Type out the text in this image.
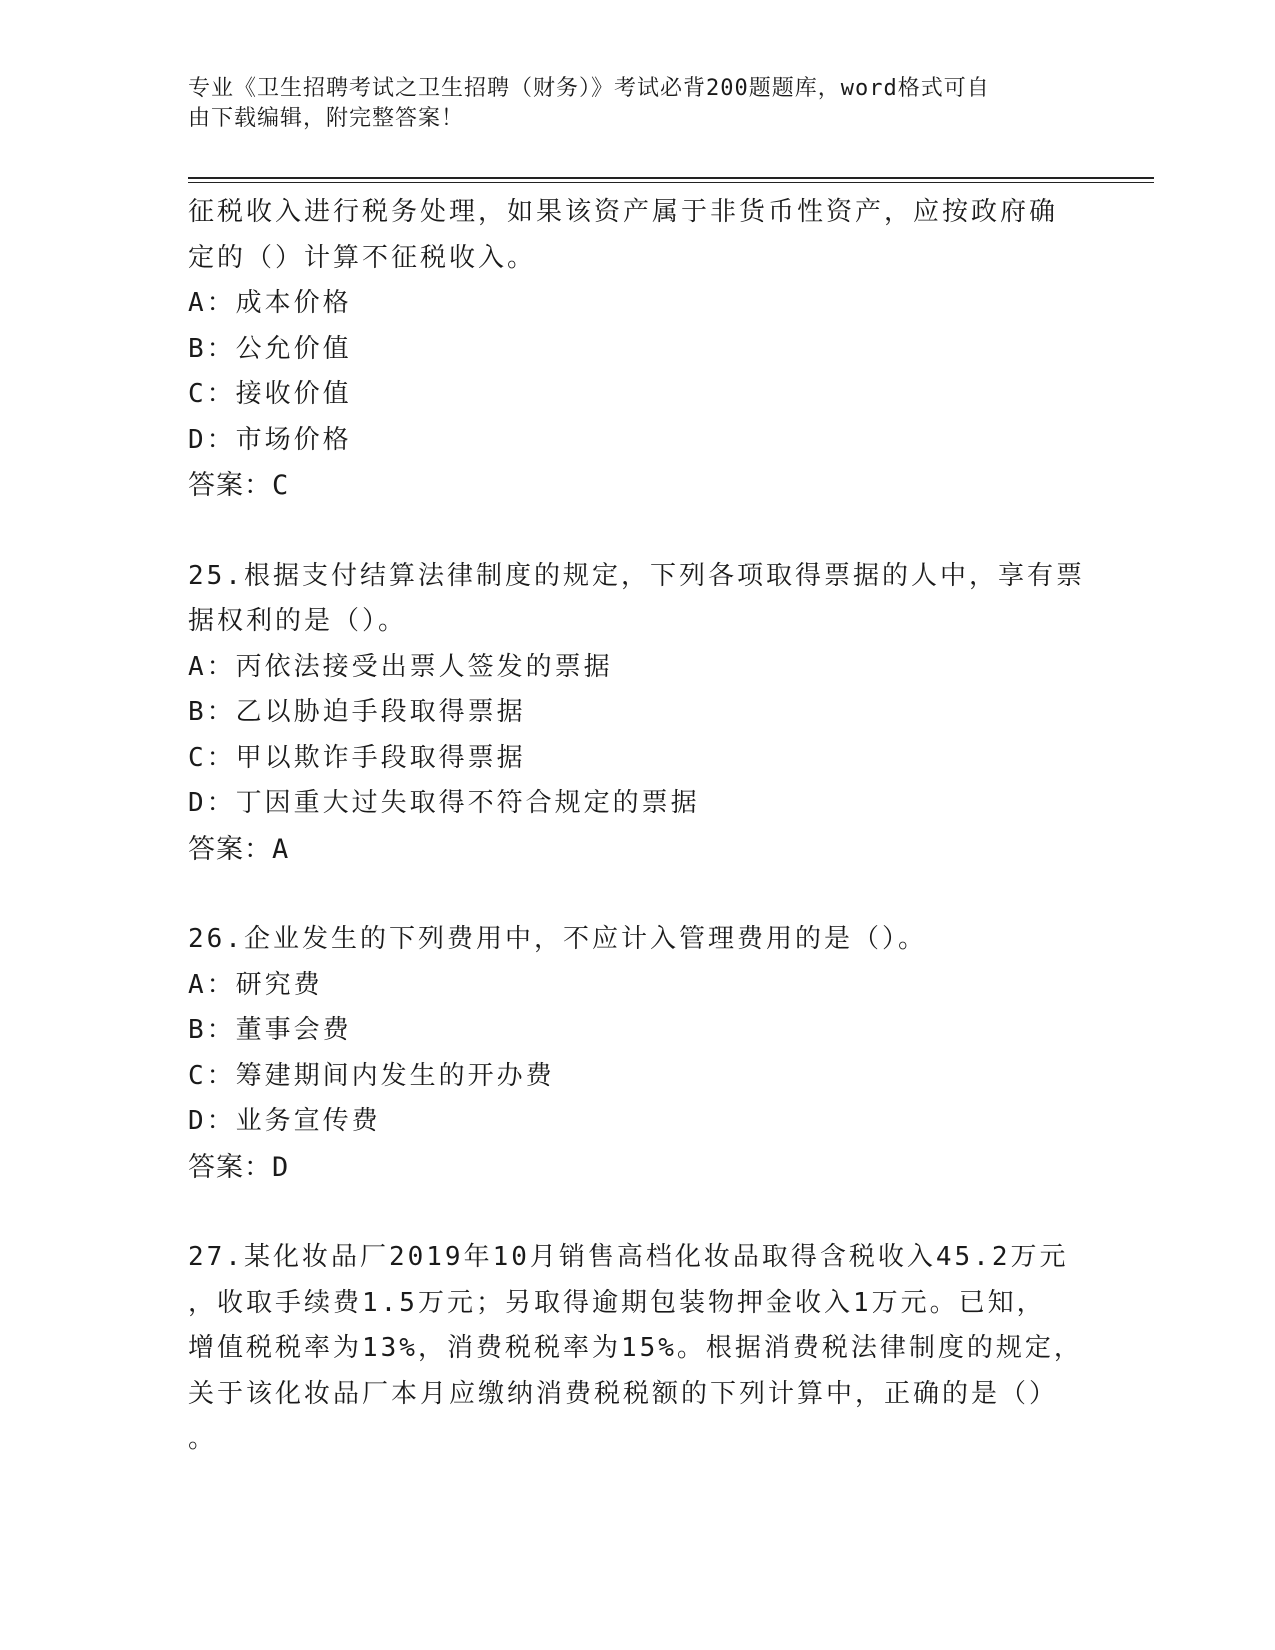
专业《卫生招聘考试之卫生招聘（财务）》考试必背200题题库，word格式可自
由下载编辑，附完整答案！
征税收入进行税务处理，如果该资产属于非货币性资产，应按政府确
定的（）计算不征税收入。
A：成本价格
B：公允价值
C：接收价值
D：市场价格
答案：C
25.根据支付结算法律制度的规定，下列各项取得票据的人中，享有票
据权利的是（）。
A：丙依法接受出票人签发的票据
B：乙以胁迫手段取得票据
C：甲以欺诈手段取得票据
D：丁因重大过失取得不符合规定的票据
答案：A
26.企业发生的下列费用中，不应计入管理费用的是（）。
A：研究费
B：董事会费
C：筹建期间内发生的开办费
D：业务宣传费
答案：D
27.某化妆品厂2019年10月销售高档化妆品取得含税收入45.2万元
，收取手续费1.5万元；另取得逾期包装物押金收入1万元。已知，
增值税税率为13%，消费税税率为15%。根据消费税法律制度的规定，
关于该化妆品厂本月应缴纳消费税税额的下列计算中，正确的是（）
。
